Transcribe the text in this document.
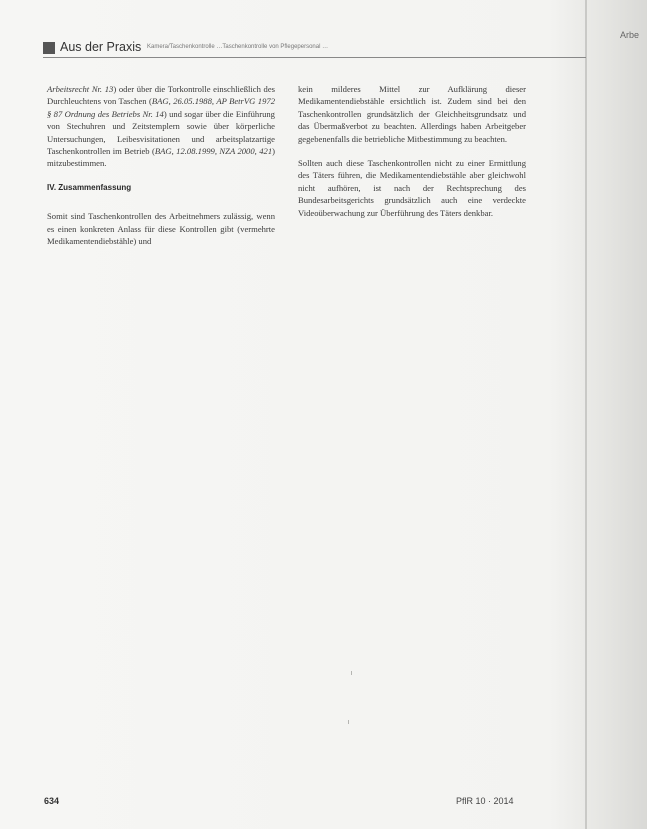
Arbe
Aus der Praxis Kamera/Taschenkontrolle …Taschenkontrolle von Pflegepersonal …

Arbeitsrecht Nr. 13) oder über die Torkontrolle einschließlich des Durchleuchtens von Taschen (BAG, 26.05.1988, AP BetrVG 1972 § 87 Ordnung des Betriebs Nr. 14) und sogar über die Einführung von Stechuhren und Zeitstemplern sowie über körperliche Untersuchungen, Leibesvisitationen und arbeitsplatzartige Taschenkontrollen im Betrieb (BAG, 12.08.1999, NZA 2000, 421) mitzubestimmen.

IV. Zusammenfassung

Somit sind Taschenkontrollen des Arbeitnehmers zulässig, wenn es einen konkreten Anlass für diese Kontrollen gibt (vermehrte Medikamentendiebstähle) und

kein milderes Mittel zur Aufklärung dieser Medikamentendiebstähle ersichtlich ist. Zudem sind bei den Taschenkontrollen grundsätzlich der Gleichheitsgrundsatz und das Übermaßverbot zu beachten. Allerdings haben Arbeitgeber gegebenenfalls die betriebliche Mitbestimmung zu beachten.

Sollten auch diese Taschenkontrollen nicht zu einer Ermittlung des Täters führen, die Medikamentendiebstähle aber gleichwohl nicht aufhören, ist nach der Rechtsprechung des Bundesarbeitsgerichts grundsätzlich auch eine verdeckte Videoüberwachung zur Überführung des Täters denkbar.

634	PflR 10 · 2014
